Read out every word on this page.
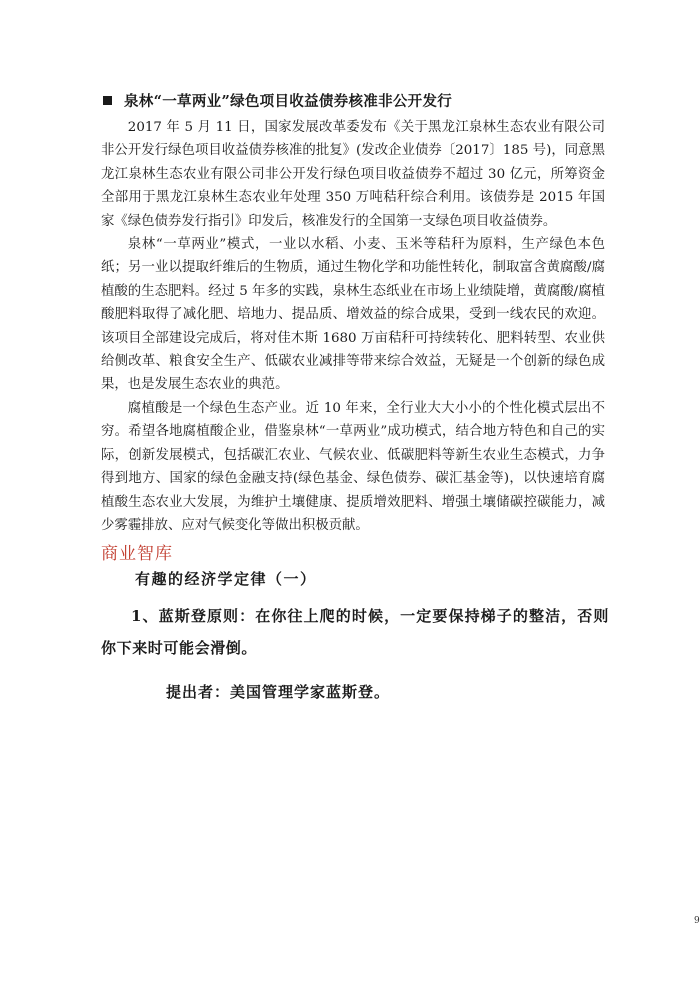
泉林“一草两业”绿色项目收益债券核准非公开发行

2017 年 5 月 11 日，国家发展改革委发布《关于黑龙江泉林生态农业有限公司非公开发行绿色项目收益债券核准的批复》(发改企业债券〔2017〕185 号)，同意黑龙江泉林生态农业有限公司非公开发行绿色项目收益债券不超过 30 亿元，所筹资金全部用于黑龙江泉林生态农业年处理 350 万吨秸秆综合利用。该债券是 2015 年国家《绿色债券发行指引》印发后，核准发行的全国第一支绿色项目收益债券。

泉林“一草两业”模式，一业以水稻、小麦、玉米等秸秆为原料，生产绿色本色纸；另一业以提取纤维后的生物质，通过生物化学和功能性转化，制取富含黄腐酸/腐植酸的生态肥料。经过 5 年多的实践，泉林生态纸业在市场上业绩陡增，黄腐酸/腐植酸肥料取得了减化肥、培地力、提品质、增效益的综合成果，受到一线农民的欢迎。该项目全部建设完成后，将对佳木斯 1680 万亩秸秆可持续转化、肥料转型、农业供给侧改革、粮食安全生产、低碳农业减排等带来综合效益，无疑是一个创新的绿色成果，也是发展生态农业的典范。

腐植酸是一个绿色生态产业。近 10 年来，全行业大大小小的个性化模式层出不穷。希望各地腐植酸企业，借鉴泉林“一草两业”成功模式，结合地方特色和自己的实际，创新发展模式，包括碳汇农业、气候农业、低碳肥料等新生农业生态模式，力争得到地方、国家的绿色金融支持(绿色基金、绿色债券、碳汇基金等)，以快速培育腐植酸生态农业大发展，为维护土壤健康、提质增效肥料、增强土壤储碳控碳能力，减少雾霾排放、应对气候变化等做出积极贡献。

商业智库
有趣的经济学定律（一）

1、蓝斯登原则：在你往上爬的时候，一定要保持梯子的整洁，否则你下来时可能会滑倒。

提出者：美国管理学家蓝斯登。
9
